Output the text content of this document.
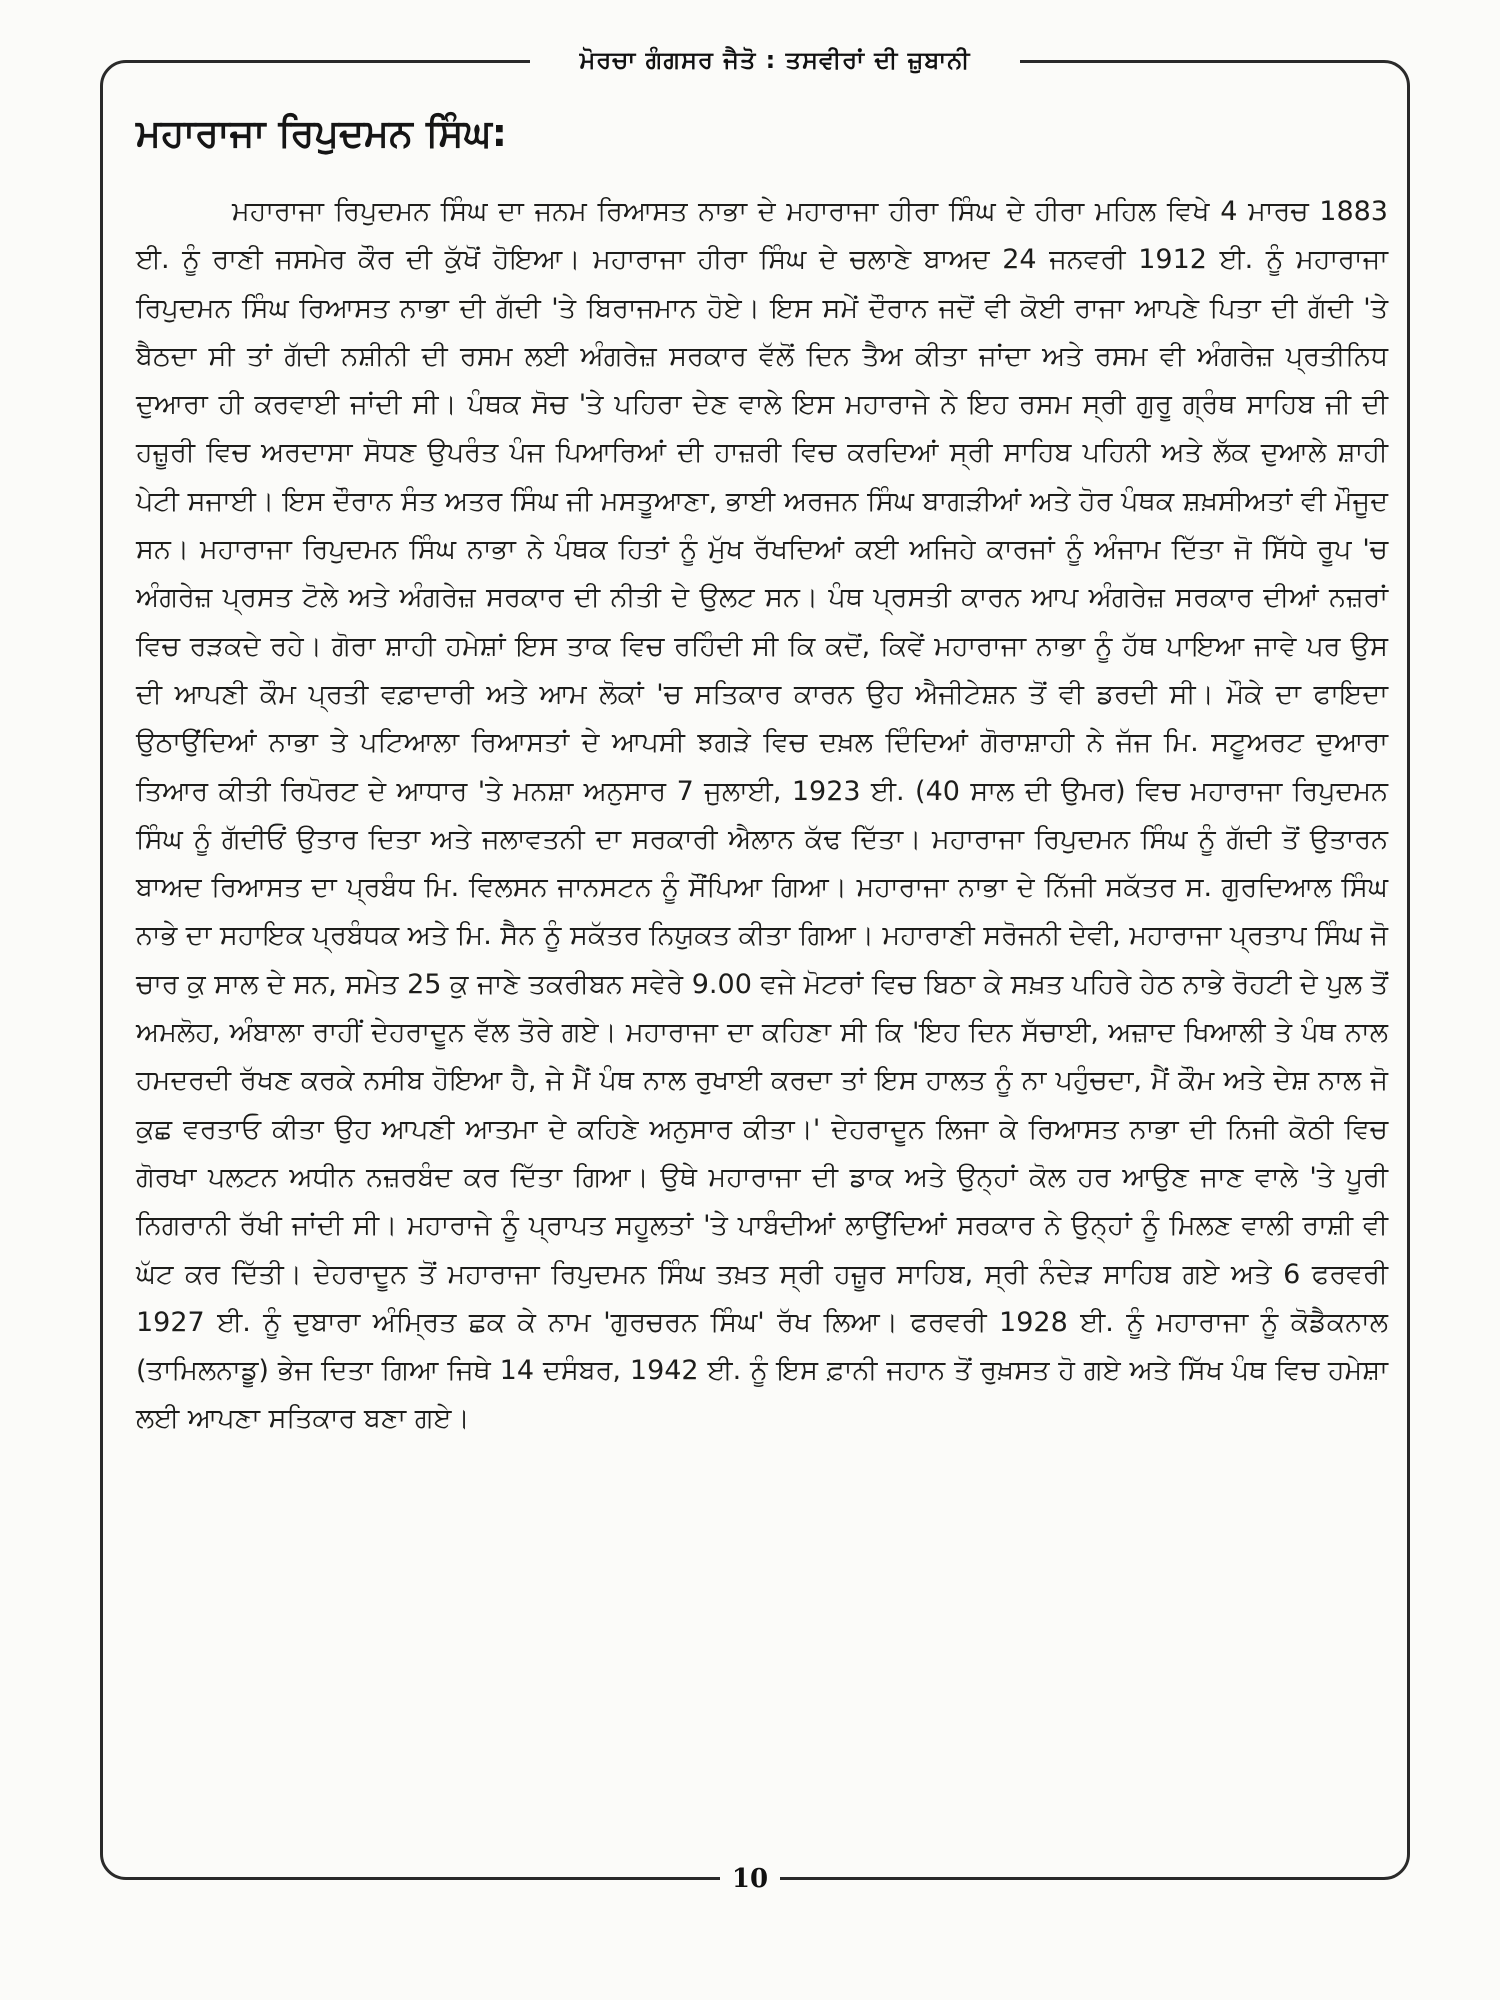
ਮੋਰਚਾ ਗੰਗਸਰ ਜੈਤੋ : ਤਸਵੀਰਾਂ ਦੀ ਜ਼ੁਬਾਨੀ
ਮਹਾਰਾਜਾ ਰਿਪੁਦਮਨ ਸਿੰਘ:

ਮਹਾਰਾਜਾ ਰਿਪੁਦਮਨ ਸਿੰਘ ਦਾ ਜਨਮ ਰਿਆਸਤ ਨਾਭਾ ਦੇ ਮਹਾਰਾਜਾ ਹੀਰਾ ਸਿੰਘ ਦੇ ਹੀਰਾ ਮਹਿਲ ਵਿਖੇ 4 ਮਾਰਚ 1883 ਈ. ਨੂੰ ਰਾਣੀ ਜਸਮੇਰ ਕੌਰ ਦੀ ਕੁੱਖੋਂ ਹੋਇਆ। ਮਹਾਰਾਜਾ ਹੀਰਾ ਸਿੰਘ ਦੇ ਚਲਾਣੇ ਬਾਅਦ 24 ਜਨਵਰੀ 1912 ਈ. ਨੂੰ ਮਹਾਰਾਜਾ ਰਿਪੁਦਮਨ ਸਿੰਘ ਰਿਆਸਤ ਨਾਭਾ ਦੀ ਗੱਦੀ 'ਤੇ ਬਿਰਾਜਮਾਨ ਹੋਏ। ਇਸ ਸਮੇਂ ਦੌਰਾਨ ਜਦੋਂ ਵੀ ਕੋਈ ਰਾਜਾ ਆਪਣੇ ਪਿਤਾ ਦੀ ਗੱਦੀ 'ਤੇ ਬੈਠਦਾ ਸੀ ਤਾਂ ਗੱਦੀ ਨਸ਼ੀਨੀ ਦੀ ਰਸਮ ਲਈ ਅੰਗਰੇਜ਼ ਸਰਕਾਰ ਵੱਲੋਂ ਦਿਨ ਤੈਅ ਕੀਤਾ ਜਾਂਦਾ ਅਤੇ ਰਸਮ ਵੀ ਅੰਗਰੇਜ਼ ਪ੍ਰਤੀਨਿਧ ਦੁਆਰਾ ਹੀ ਕਰਵਾਈ ਜਾਂਦੀ ਸੀ। ਪੰਥਕ ਸੋਚ 'ਤੇ ਪਹਿਰਾ ਦੇਣ ਵਾਲੇ ਇਸ ਮਹਾਰਾਜੇ ਨੇ ਇਹ ਰਸਮ ਸ੍ਰੀ ਗੁਰੂ ਗ੍ਰੰਥ ਸਾਹਿਬ ਜੀ ਦੀ ਹਜ਼ੂਰੀ ਵਿਚ ਅਰਦਾਸਾ ਸੋਧਣ ਉਪਰੰਤ ਪੰਜ ਪਿਆਰਿਆਂ ਦੀ ਹਾਜ਼ਰੀ ਵਿਚ ਕਰਦਿਆਂ ਸ੍ਰੀ ਸਾਹਿਬ ਪਹਿਨੀ ਅਤੇ ਲੱਕ ਦੁਆਲੇ ਸ਼ਾਹੀ ਪੇਟੀ ਸਜਾਈ। ਇਸ ਦੌਰਾਨ ਸੰਤ ਅਤਰ ਸਿੰਘ ਜੀ ਮਸਤੂਆਣਾ, ਭਾਈ ਅਰਜਨ ਸਿੰਘ ਬਾਗੜੀਆਂ ਅਤੇ ਹੋਰ ਪੰਥਕ ਸ਼ਖ਼ਸੀਅਤਾਂ ਵੀ ਮੌਜੂਦ ਸਨ। ਮਹਾਰਾਜਾ ਰਿਪੁਦਮਨ ਸਿੰਘ ਨਾਭਾ ਨੇ ਪੰਥਕ ਹਿਤਾਂ ਨੂੰ ਮੁੱਖ ਰੱਖਦਿਆਂ ਕਈ ਅਜਿਹੇ ਕਾਰਜਾਂ ਨੂੰ ਅੰਜਾਮ ਦਿੱਤਾ ਜੋ ਸਿੱਧੇ ਰੂਪ 'ਚ ਅੰਗਰੇਜ਼ ਪ੍ਰਸਤ ਟੋਲੇ ਅਤੇ ਅੰਗਰੇਜ਼ ਸਰਕਾਰ ਦੀ ਨੀਤੀ ਦੇ ਉਲਟ ਸਨ। ਪੰਥ ਪ੍ਰਸਤੀ ਕਾਰਨ ਆਪ ਅੰਗਰੇਜ਼ ਸਰਕਾਰ ਦੀਆਂ ਨਜ਼ਰਾਂ ਵਿਚ ਰੜਕਦੇ ਰਹੇ। ਗੋਰਾ ਸ਼ਾਹੀ ਹਮੇਸ਼ਾਂ ਇਸ ਤਾਕ ਵਿਚ ਰਹਿੰਦੀ ਸੀ ਕਿ ਕਦੋਂ, ਕਿਵੇਂ ਮਹਾਰਾਜਾ ਨਾਭਾ ਨੂੰ ਹੱਥ ਪਾਇਆ ਜਾਵੇ ਪਰ ਉਸ ਦੀ ਆਪਣੀ ਕੌਮ ਪ੍ਰਤੀ ਵਫ਼ਾਦਾਰੀ ਅਤੇ ਆਮ ਲੋਕਾਂ 'ਚ ਸਤਿਕਾਰ ਕਾਰਨ ਉਹ ਐਜੀਟੇਸ਼ਨ ਤੋਂ ਵੀ ਡਰਦੀ ਸੀ। ਮੌਕੇ ਦਾ ਫਾਇਦਾ ਉਠਾਉਂਦਿਆਂ ਨਾਭਾ ਤੇ ਪਟਿਆਲਾ ਰਿਆਸਤਾਂ ਦੇ ਆਪਸੀ ਝਗੜੇ ਵਿਚ ਦਖ਼ਲ ਦਿੰਦਿਆਂ ਗੋਰਾਸ਼ਾਹੀ ਨੇ ਜੱਜ ਮਿ. ਸਟੂਅਰਟ ਦੁਆਰਾ ਤਿਆਰ ਕੀਤੀ ਰਿਪੋਰਟ ਦੇ ਆਧਾਰ 'ਤੇ ਮਨਸ਼ਾ ਅਨੁਸਾਰ 7 ਜੁਲਾਈ, 1923 ਈ. (40 ਸਾਲ ਦੀ ਉਮਰ) ਵਿਚ ਮਹਾਰਾਜਾ ਰਿਪੁਦਮਨ ਸਿੰਘ ਨੂੰ ਗੱਦੀਓਂ ਉਤਾਰ ਦਿਤਾ ਅਤੇ ਜਲਾਵਤਨੀ ਦਾ ਸਰਕਾਰੀ ਐਲਾਨ ਕੱਢ ਦਿੱਤਾ। ਮਹਾਰਾਜਾ ਰਿਪੁਦਮਨ ਸਿੰਘ ਨੂੰ ਗੱਦੀ ਤੋਂ ਉਤਾਰਨ ਬਾਅਦ ਰਿਆਸਤ ਦਾ ਪ੍ਰਬੰਧ ਮਿ. ਵਿਲਸਨ ਜਾਨਸਟਨ ਨੂੰ ਸੌਂਪਿਆ ਗਿਆ। ਮਹਾਰਾਜਾ ਨਾਭਾ ਦੇ ਨਿੱਜੀ ਸਕੱਤਰ ਸ. ਗੁਰਦਿਆਲ ਸਿੰਘ ਨਾਭੇ ਦਾ ਸਹਾਇਕ ਪ੍ਰਬੰਧਕ ਅਤੇ ਮਿ. ਸੈਨ ਨੂੰ ਸਕੱਤਰ ਨਿਯੁਕਤ ਕੀਤਾ ਗਿਆ। ਮਹਾਰਾਣੀ ਸਰੋਜਨੀ ਦੇਵੀ, ਮਹਾਰਾਜਾ ਪ੍ਰਤਾਪ ਸਿੰਘ ਜੋ ਚਾਰ ਕੁ ਸਾਲ ਦੇ ਸਨ, ਸਮੇਤ 25 ਕੁ ਜਾਣੇ ਤਕਰੀਬਨ ਸਵੇਰੇ 9.00 ਵਜੇ ਮੋਟਰਾਂ ਵਿਚ ਬਿਠਾ ਕੇ ਸਖ਼ਤ ਪਹਿਰੇ ਹੇਠ ਨਾਭੇ ਰੋਹਟੀ ਦੇ ਪੁਲ ਤੋਂ ਅਮਲੋਹ, ਅੰਬਾਲਾ ਰਾਹੀਂ ਦੇਹਰਾਦੂਨ ਵੱਲ ਤੋਰੇ ਗਏ। ਮਹਾਰਾਜਾ ਦਾ ਕਹਿਣਾ ਸੀ ਕਿ 'ਇਹ ਦਿਨ ਸੱਚਾਈ, ਅਜ਼ਾਦ ਖਿਆਲੀ ਤੇ ਪੰਥ ਨਾਲ ਹਮਦਰਦੀ ਰੱਖਣ ਕਰਕੇ ਨਸੀਬ ਹੋਇਆ ਹੈ, ਜੇ ਮੈਂ ਪੰਥ ਨਾਲ ਰੁਖਾਈ ਕਰਦਾ ਤਾਂ ਇਸ ਹਾਲਤ ਨੂੰ ਨਾ ਪਹੁੰਚਦਾ, ਮੈਂ ਕੌਮ ਅਤੇ ਦੇਸ਼ ਨਾਲ ਜੋ ਕੁਛ ਵਰਤਾਓ ਕੀਤਾ ਉਹ ਆਪਣੀ ਆਤਮਾ ਦੇ ਕਹਿਣੇ ਅਨੁਸਾਰ ਕੀਤਾ।' ਦੇਹਰਾਦੂਨ ਲਿਜਾ ਕੇ ਰਿਆਸਤ ਨਾਭਾ ਦੀ ਨਿਜੀ ਕੋਠੀ ਵਿਚ ਗੋਰਖਾ ਪਲਟਨ ਅਧੀਨ ਨਜ਼ਰਬੰਦ ਕਰ ਦਿੱਤਾ ਗਿਆ। ਉਥੇ ਮਹਾਰਾਜਾ ਦੀ ਡਾਕ ਅਤੇ ਉਨ੍ਹਾਂ ਕੋਲ ਹਰ ਆਉਣ ਜਾਣ ਵਾਲੇ 'ਤੇ ਪੂਰੀ ਨਿਗਰਾਨੀ ਰੱਖੀ ਜਾਂਦੀ ਸੀ। ਮਹਾਰਾਜੇ ਨੂੰ ਪ੍ਰਾਪਤ ਸਹੂਲਤਾਂ 'ਤੇ ਪਾਬੰਦੀਆਂ ਲਾਉਂਦਿਆਂ ਸਰਕਾਰ ਨੇ ਉਨ੍ਹਾਂ ਨੂੰ ਮਿਲਣ ਵਾਲੀ ਰਾਸ਼ੀ ਵੀ ਘੱਟ ਕਰ ਦਿੱਤੀ। ਦੇਹਰਾਦੂਨ ਤੋਂ ਮਹਾਰਾਜਾ ਰਿਪੁਦਮਨ ਸਿੰਘ ਤਖ਼ਤ ਸ੍ਰੀ ਹਜ਼ੂਰ ਸਾਹਿਬ, ਸ੍ਰੀ ਨੰਦੇੜ ਸਾਹਿਬ ਗਏ ਅਤੇ 6 ਫਰਵਰੀ 1927 ਈ. ਨੂੰ ਦੁਬਾਰਾ ਅੰਮ੍ਰਿਤ ਛਕ ਕੇ ਨਾਮ 'ਗੁਰਚਰਨ ਸਿੰਘ' ਰੱਖ ਲਿਆ। ਫਰਵਰੀ 1928 ਈ. ਨੂੰ ਮਹਾਰਾਜਾ ਨੂੰ ਕੋਡੈਕਨਾਲ (ਤਾਮਿਲਨਾਡੂ) ਭੇਜ ਦਿਤਾ ਗਿਆ ਜਿਥੇ 14 ਦਸੰਬਰ, 1942 ਈ. ਨੂੰ ਇਸ ਫ਼ਾਨੀ ਜਹਾਨ ਤੋਂ ਰੁਖ਼ਸਤ ਹੋ ਗਏ ਅਤੇ ਸਿੱਖ ਪੰਥ ਵਿਚ ਹਮੇਸ਼ਾ ਲਈ ਆਪਣਾ ਸਤਿਕਾਰ ਬਣਾ ਗਏ।

10
